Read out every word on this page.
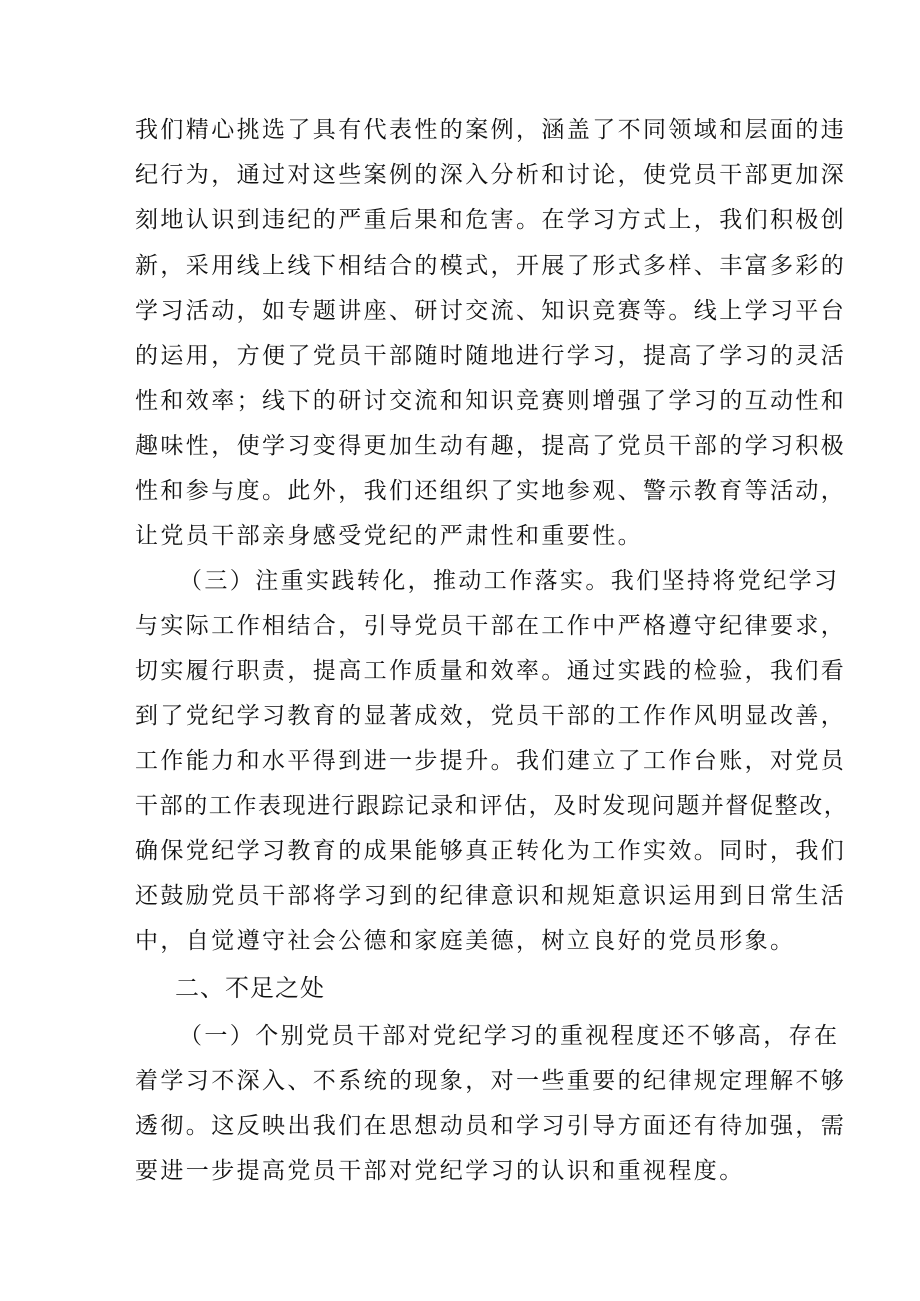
我们精心挑选了具有代表性的案例，涵盖了不同领域和层面的违
纪行为，通过对这些案例的深入分析和讨论，使党员干部更加深
刻地认识到违纪的严重后果和危害。在学习方式上，我们积极创
新，采用线上线下相结合的模式，开展了形式多样、丰富多彩的
学习活动，如专题讲座、研讨交流、知识竞赛等。线上学习平台
的运用，方便了党员干部随时随地进行学习，提高了学习的灵活
性和效率；线下的研讨交流和知识竞赛则增强了学习的互动性和
趣味性，使学习变得更加生动有趣，提高了党员干部的学习积极
性和参与度。此外，我们还组织了实地参观、警示教育等活动，
让党员干部亲身感受党纪的严肃性和重要性。
（三）注重实践转化，推动工作落实。我们坚持将党纪学习
与实际工作相结合，引导党员干部在工作中严格遵守纪律要求，
切实履行职责，提高工作质量和效率。通过实践的检验，我们看
到了党纪学习教育的显著成效，党员干部的工作作风明显改善，
工作能力和水平得到进一步提升。我们建立了工作台账，对党员
干部的工作表现进行跟踪记录和评估，及时发现问题并督促整改，
确保党纪学习教育的成果能够真正转化为工作实效。同时，我们
还鼓励党员干部将学习到的纪律意识和规矩意识运用到日常生活
中，自觉遵守社会公德和家庭美德，树立良好的党员形象。
二、不足之处
（一）个别党员干部对党纪学习的重视程度还不够高，存在
着学习不深入、不系统的现象，对一些重要的纪律规定理解不够
透彻。这反映出我们在思想动员和学习引导方面还有待加强，需
要进一步提高党员干部对党纪学习的认识和重视程度。
